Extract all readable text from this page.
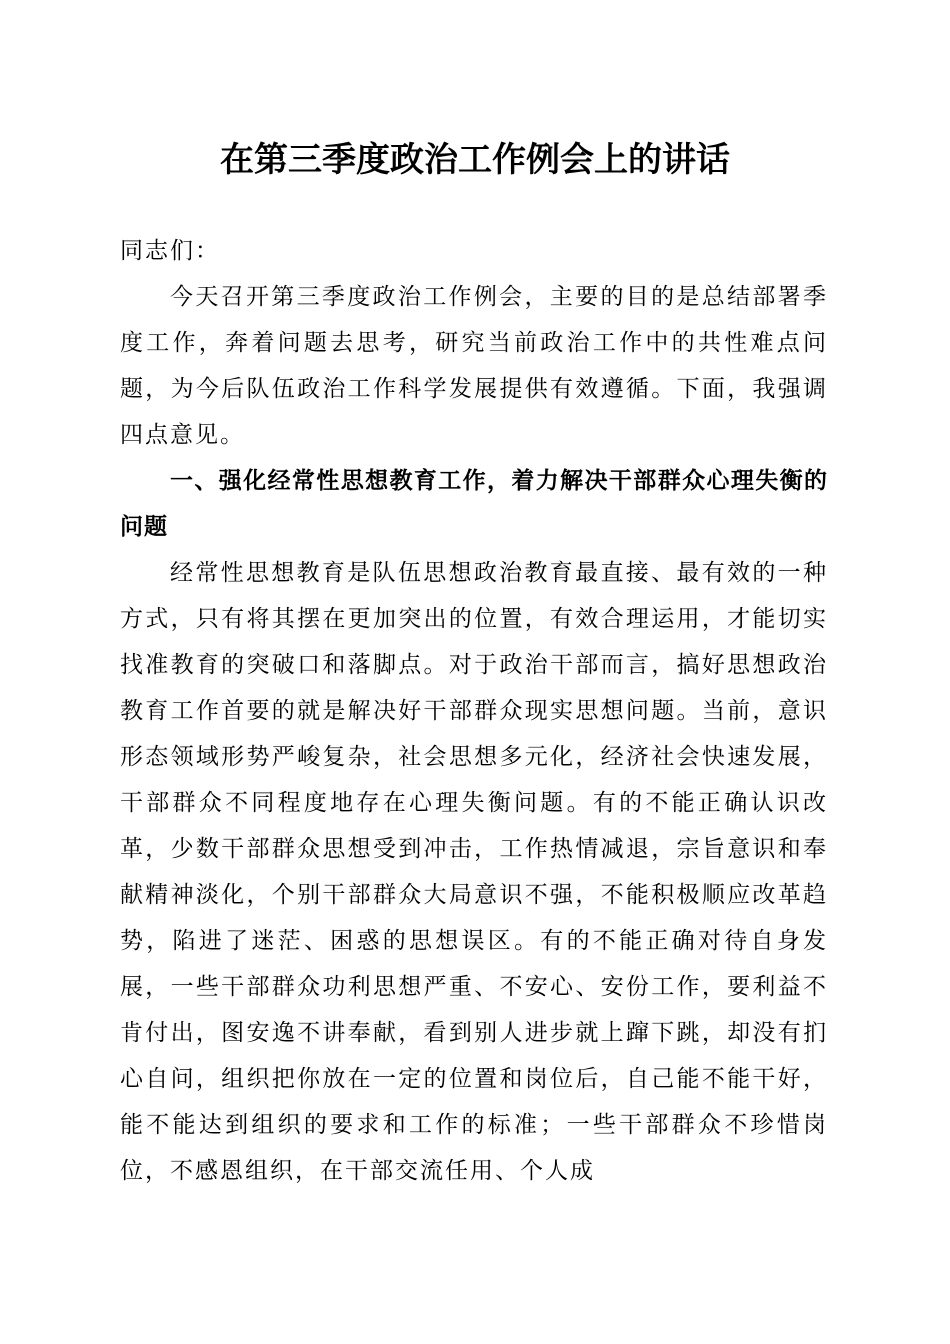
在第三季度政治工作例会上的讲话

同志们：

今天召开第三季度政治工作例会，主要的目的是总结部署季度工作，奔着问题去思考，研究当前政治工作中的共性难点问题，为今后队伍政治工作科学发展提供有效遵循。下面，我强调四点意见。

一、强化经常性思想教育工作，着力解决干部群众心理失衡的问题

经常性思想教育是队伍思想政治教育最直接、最有效的一种方式，只有将其摆在更加突出的位置，有效合理运用，才能切实找准教育的突破口和落脚点。对于政治干部而言，搞好思想政治教育工作首要的就是解决好干部群众现实思想问题。当前，意识形态领域形势严峻复杂，社会思想多元化，经济社会快速发展，干部群众不同程度地存在心理失衡问题。有的不能正确认识改革，少数干部群众思想受到冲击，工作热情减退，宗旨意识和奉献精神淡化，个别干部群众大局意识不强，不能积极顺应改革趋势，陷进了迷茫、困惑的思想误区。有的不能正确对待自身发展，一些干部群众功利思想严重、不安心、安份工作，要利益不肯付出，图安逸不讲奉献，看到别人进步就上蹿下跳，却没有扪心自问，组织把你放在一定的位置和岗位后，自己能不能干好，能不能达到组织的要求和工作的标准；一些干部群众不珍惜岗位，不感恩组织，在干部交流任用、个人成
